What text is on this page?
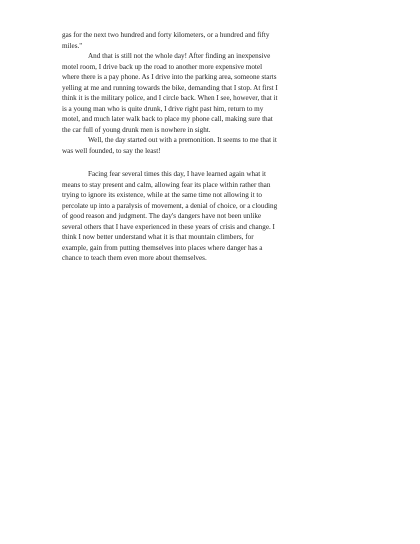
gas for the next two hundred and forty kilometers, or a hundred and fifty
miles."
And that is still not the whole day! After finding an inexpensive
motel room, I drive back up the road to another more expensive motel
where there is a pay phone. As I drive into the parking area, someone starts
yelling at me and running towards the bike, demanding that I stop. At first I
think it is the military police, and I circle back. When I see, however, that it
is a young man who is quite drunk, I drive right past him, return to my
motel, and much later walk back to place my phone call, making sure that
the car full of young drunk men is nowhere in sight.
Well, the day started out with a premonition. It seems to me that it
was well founded, to say the least!
Facing fear several times this day, I have learned again what it
means to stay present and calm, allowing fear its place within rather than
trying to ignore its existence, while at the same time not allowing it to
percolate up into a paralysis of movement, a denial of choice, or a clouding
of good reason and judgment. The day's dangers have not been unlike
several others that I have experienced in these years of crisis and change. I
think I now better understand what it is that mountain climbers, for
example, gain from putting themselves into places where danger has a
chance to teach them even more about themselves.
